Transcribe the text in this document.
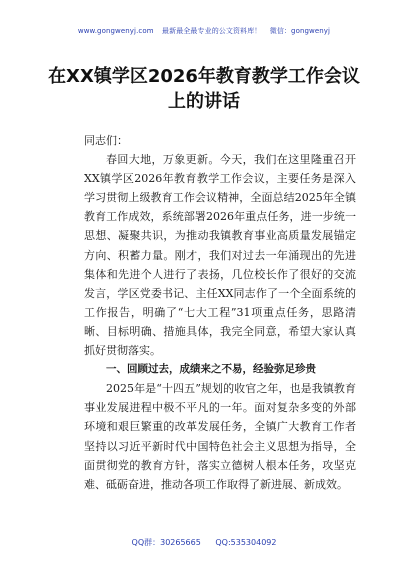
www.gongwenyj.com 最新最全最专业的公文资料库！ 微信：gongwenyj
在XX镇学区2026年教育教学工作会议上的讲话

同志们：

春回大地，万象更新。今天，我们在这里隆重召开XX镇学区2026年教育教学工作会议，主要任务是深入学习贯彻上级教育工作会议精神，全面总结2025年全镇教育工作成效，系统部署2026年重点任务，进一步统一思想、凝聚共识，为推动我镇教育事业高质量发展锚定方向、积蓄力量。刚才，我们对过去一年涌现出的先进集体和先进个人进行了表扬，几位校长作了很好的交流发言，学区党委书记、主任XX同志作了一个全面系统的工作报告，明确了“七大工程”31项重点任务，思路清晰、目标明确、措施具体，我完全同意，希望大家认真抓好贯彻落实。

一、回顾过去，成绩来之不易，经验弥足珍贵

2025年是“十四五”规划的收官之年，也是我镇教育事业发展进程中极不平凡的一年。面对复杂多变的外部环境和艰巨繁重的改革发展任务，全镇广大教育工作者坚持以习近平新时代中国特色社会主义思想为指导，全面贯彻党的教育方针，落实立德树人根本任务，攻坚克难、砥砺奋进，推动各项工作取得了新进展、新成效。

QQ群：30265665 QQ:535304092
